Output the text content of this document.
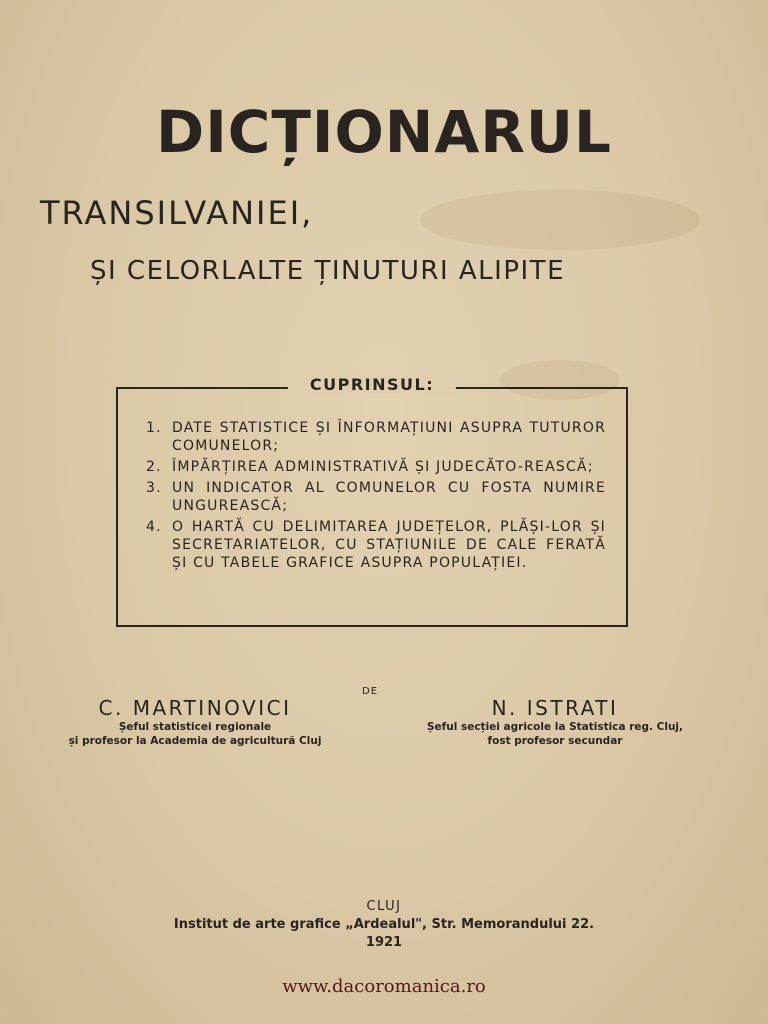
DICȚIONARUL
TRANSILVANIEI,
ȘI CELORLALTE ȚINUTURI ALIPITE
CUPRINSUL:
1. DATE STATISTICE ȘI ÎNFORMAȚIUNI ASUPRA TUTUROR COMUNELOR;
2. ÎMPĂRȚIREA ADMINISTRATIVĂ ȘI JUDECĂTO-REASCĂ;
3. UN INDICATOR AL COMUNELOR CU FOSTA NUMIRE UNGUREASCĂ;
4. O HARTĂ CU DELIMITAREA JUDEȚELOR, PLĂȘI-LOR ȘI SECRETARIATELOR, CU STAȚIUNILE DE CALE FERATĂ ȘI CU TABELE GRAFICE ASUPRA POPULAȚIEI.
DE
C. MARTINOVICI
Șeful statisticei regionale
și profesor la Academia de agricultură Cluj
N. ISTRATI
Șeful secției agricole la Statistica reg. Cluj,
fost profesor secundar
CLUJ
Institut de arte grafice „Ardealul", Str. Memorandului 22.
1921
www.dacoromanica.ro
